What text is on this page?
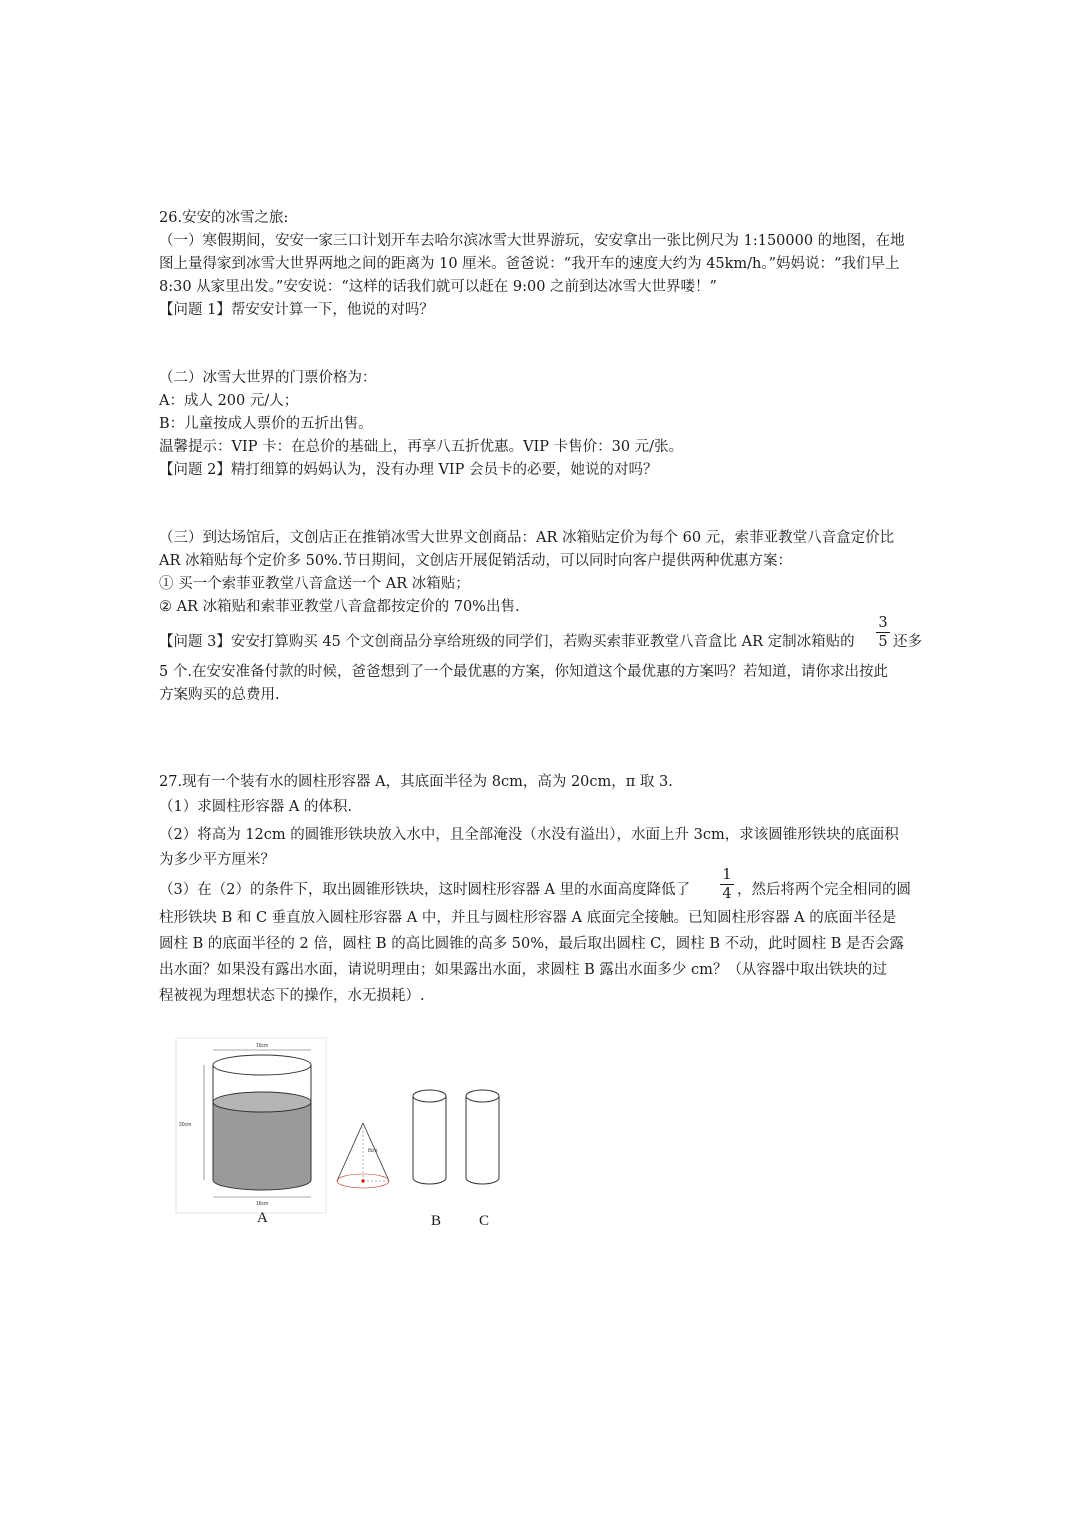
26.安安的冰雪之旅:
（一）寒假期间，安安一家三口计划开车去哈尔滨冰雪大世界游玩，安安拿出一张比例尺为 1:150000 的地图，在地
图上量得家到冰雪大世界两地之间的距离为 10 厘米。爸爸说：“我开车的速度大约为 45km/h。”妈妈说：“我们早上
8:30 从家里出发。”安安说：“这样的话我们就可以赶在 9:00 之前到达冰雪大世界喽！”
【问题 1】帮安安计算一下，他说的对吗？
（二）冰雪大世界的门票价格为：
A：成人 200 元/人；
B：儿童按成人票价的五折出售。
温馨提示：VIP 卡：在总价的基础上，再享八五折优惠。VIP 卡售价：30 元/张。
【问题 2】精打细算的妈妈认为，没有办理 VIP 会员卡的必要，她说的对吗？
（三）到达场馆后，文创店正在推销冰雪大世界文创商品：AR 冰箱贴定价为每个 60 元，索菲亚教堂八音盒定价比
AR 冰箱贴每个定价多 50%.节日期间，文创店开展促销活动，可以同时向客户提供两种优惠方案：
① 买一个索菲亚教堂八音盒送一个 AR 冰箱贴；
② AR 冰箱贴和索菲亚教堂八音盒都按定价的 70%出售.
【问题 3】安安打算购买 45 个文创商品分享给班级的同学们，若购买索菲亚教堂八音盒比 AR 定制冰箱贴的
3
5 还多
5 个.在安安准备付款的时候，爸爸想到了一个最优惠的方案，你知道这个最优惠的方案吗？若知道，请你求出按此
方案购买的总费用.
27.现有一个装有水的圆柱形容器 A，其底面半径为 8cm，高为 20cm，π 取 3.
（1）求圆柱形容器 A 的体积.
（2）将高为 12cm 的圆锥形铁块放入水中，且全部淹没（水没有溢出），水面上升 3cm，求该圆锥形铁块的底面积
为多少平方厘米？
（3）在（2）的条件下，取出圆锥形铁块，这时圆柱形容器 A 里的水面高度降低了
1
4 ，然后将两个完全相同的圆
柱形铁块 B 和 C 垂直放入圆柱形容器 A 中，并且与圆柱形容器 A 底面完全接触。已知圆柱形容器 A 的底面半径是
圆柱 B 的底面半径的 2 倍，圆柱 B 的高比圆锥的高多 50%，最后取出圆柱 C，圆柱 B 不动，此时圆柱 B 是否会露
出水面？如果没有露出水面，请说明理由；如果露出水面，求圆柱 B 露出水面多少 cm？（从容器中取出铁块的过
程被视为理想状态下的操作，水无损耗）.
16cm
16cm
20cm
8cm
A	B	C
